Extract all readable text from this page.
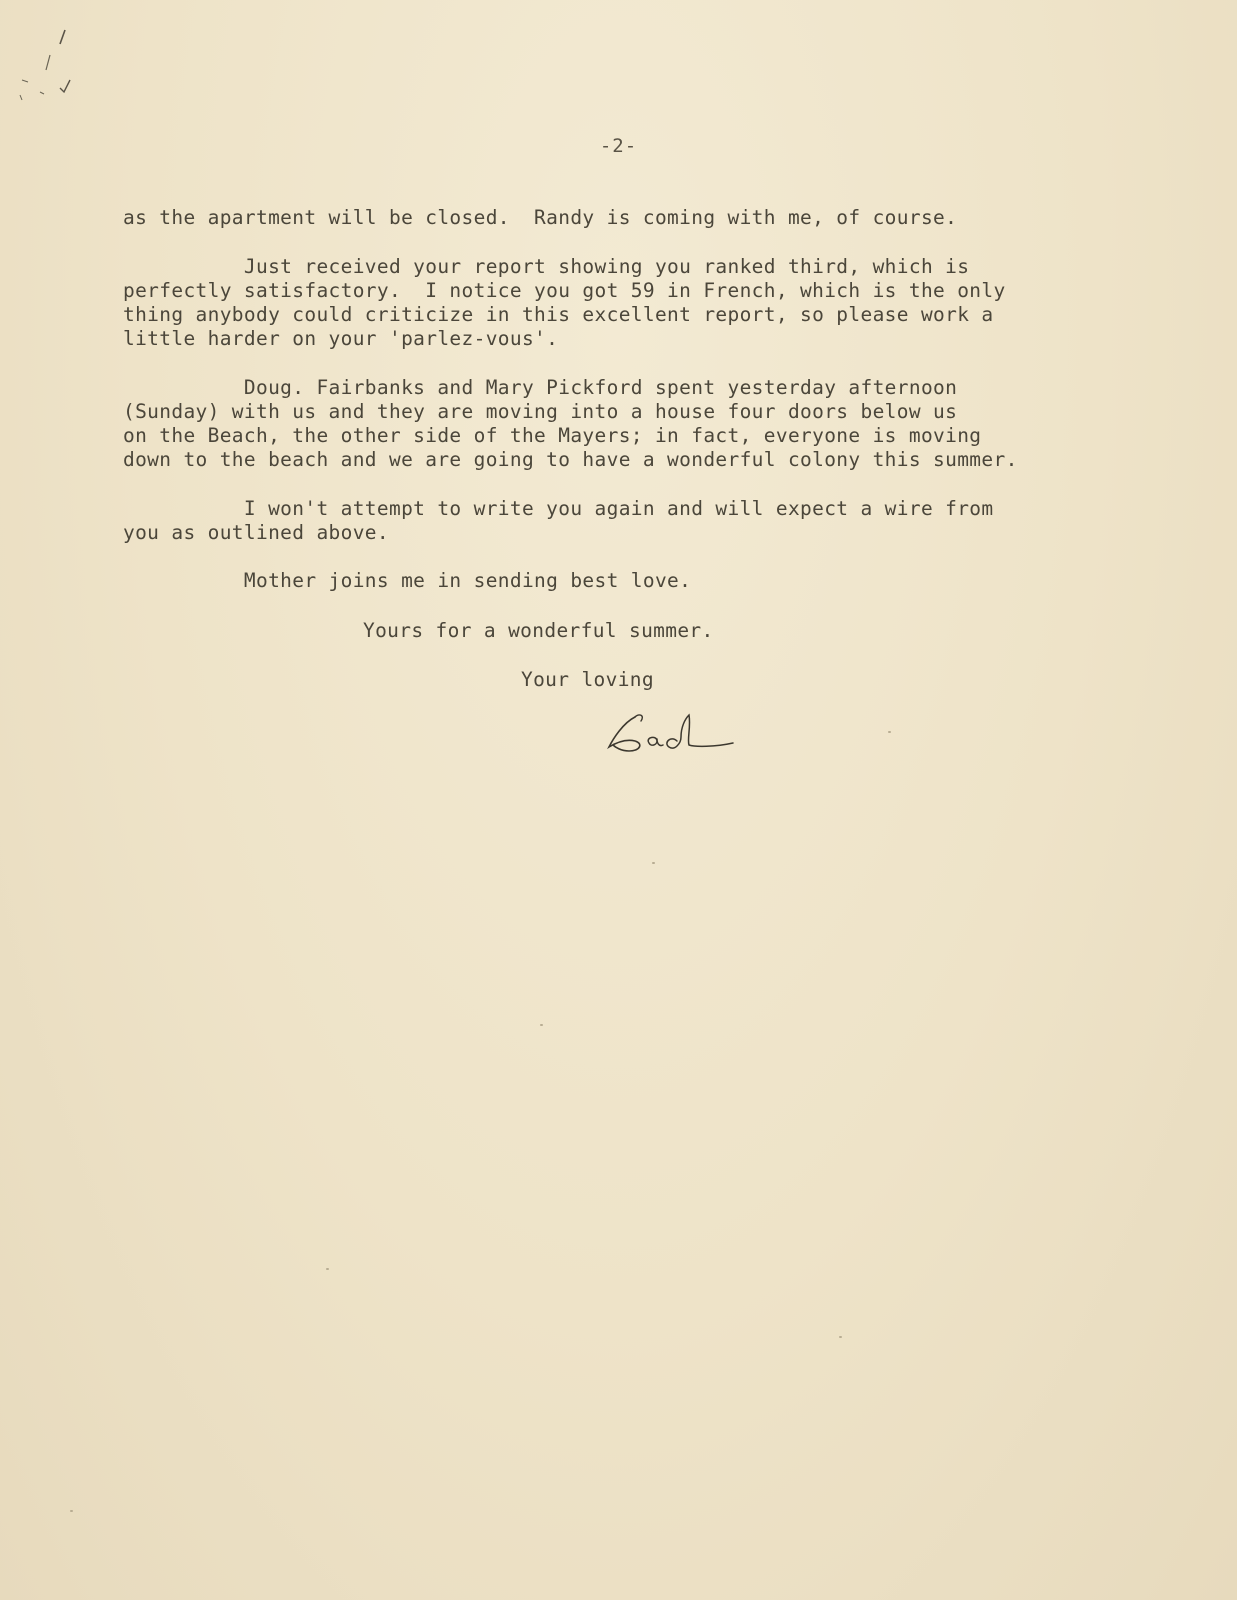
-2-
as the apartment will be closed.  Randy is coming with me, of course.
Just received your report showing you ranked third, which is
perfectly satisfactory.  I notice you got 59 in French, which is the only
thing anybody could criticize in this excellent report, so please work a
little harder on your 'parlez-vous'.
Doug. Fairbanks and Mary Pickford spent yesterday afternoon
(Sunday) with us and they are moving into a house four doors below us
on the Beach, the other side of the Mayers; in fact, everyone is moving
down to the beach and we are going to have a wonderful colony this summer.
I won't attempt to write you again and will expect a wire from
you as outlined above.
Mother joins me in sending best love.
Yours for a wonderful summer.
Your loving
